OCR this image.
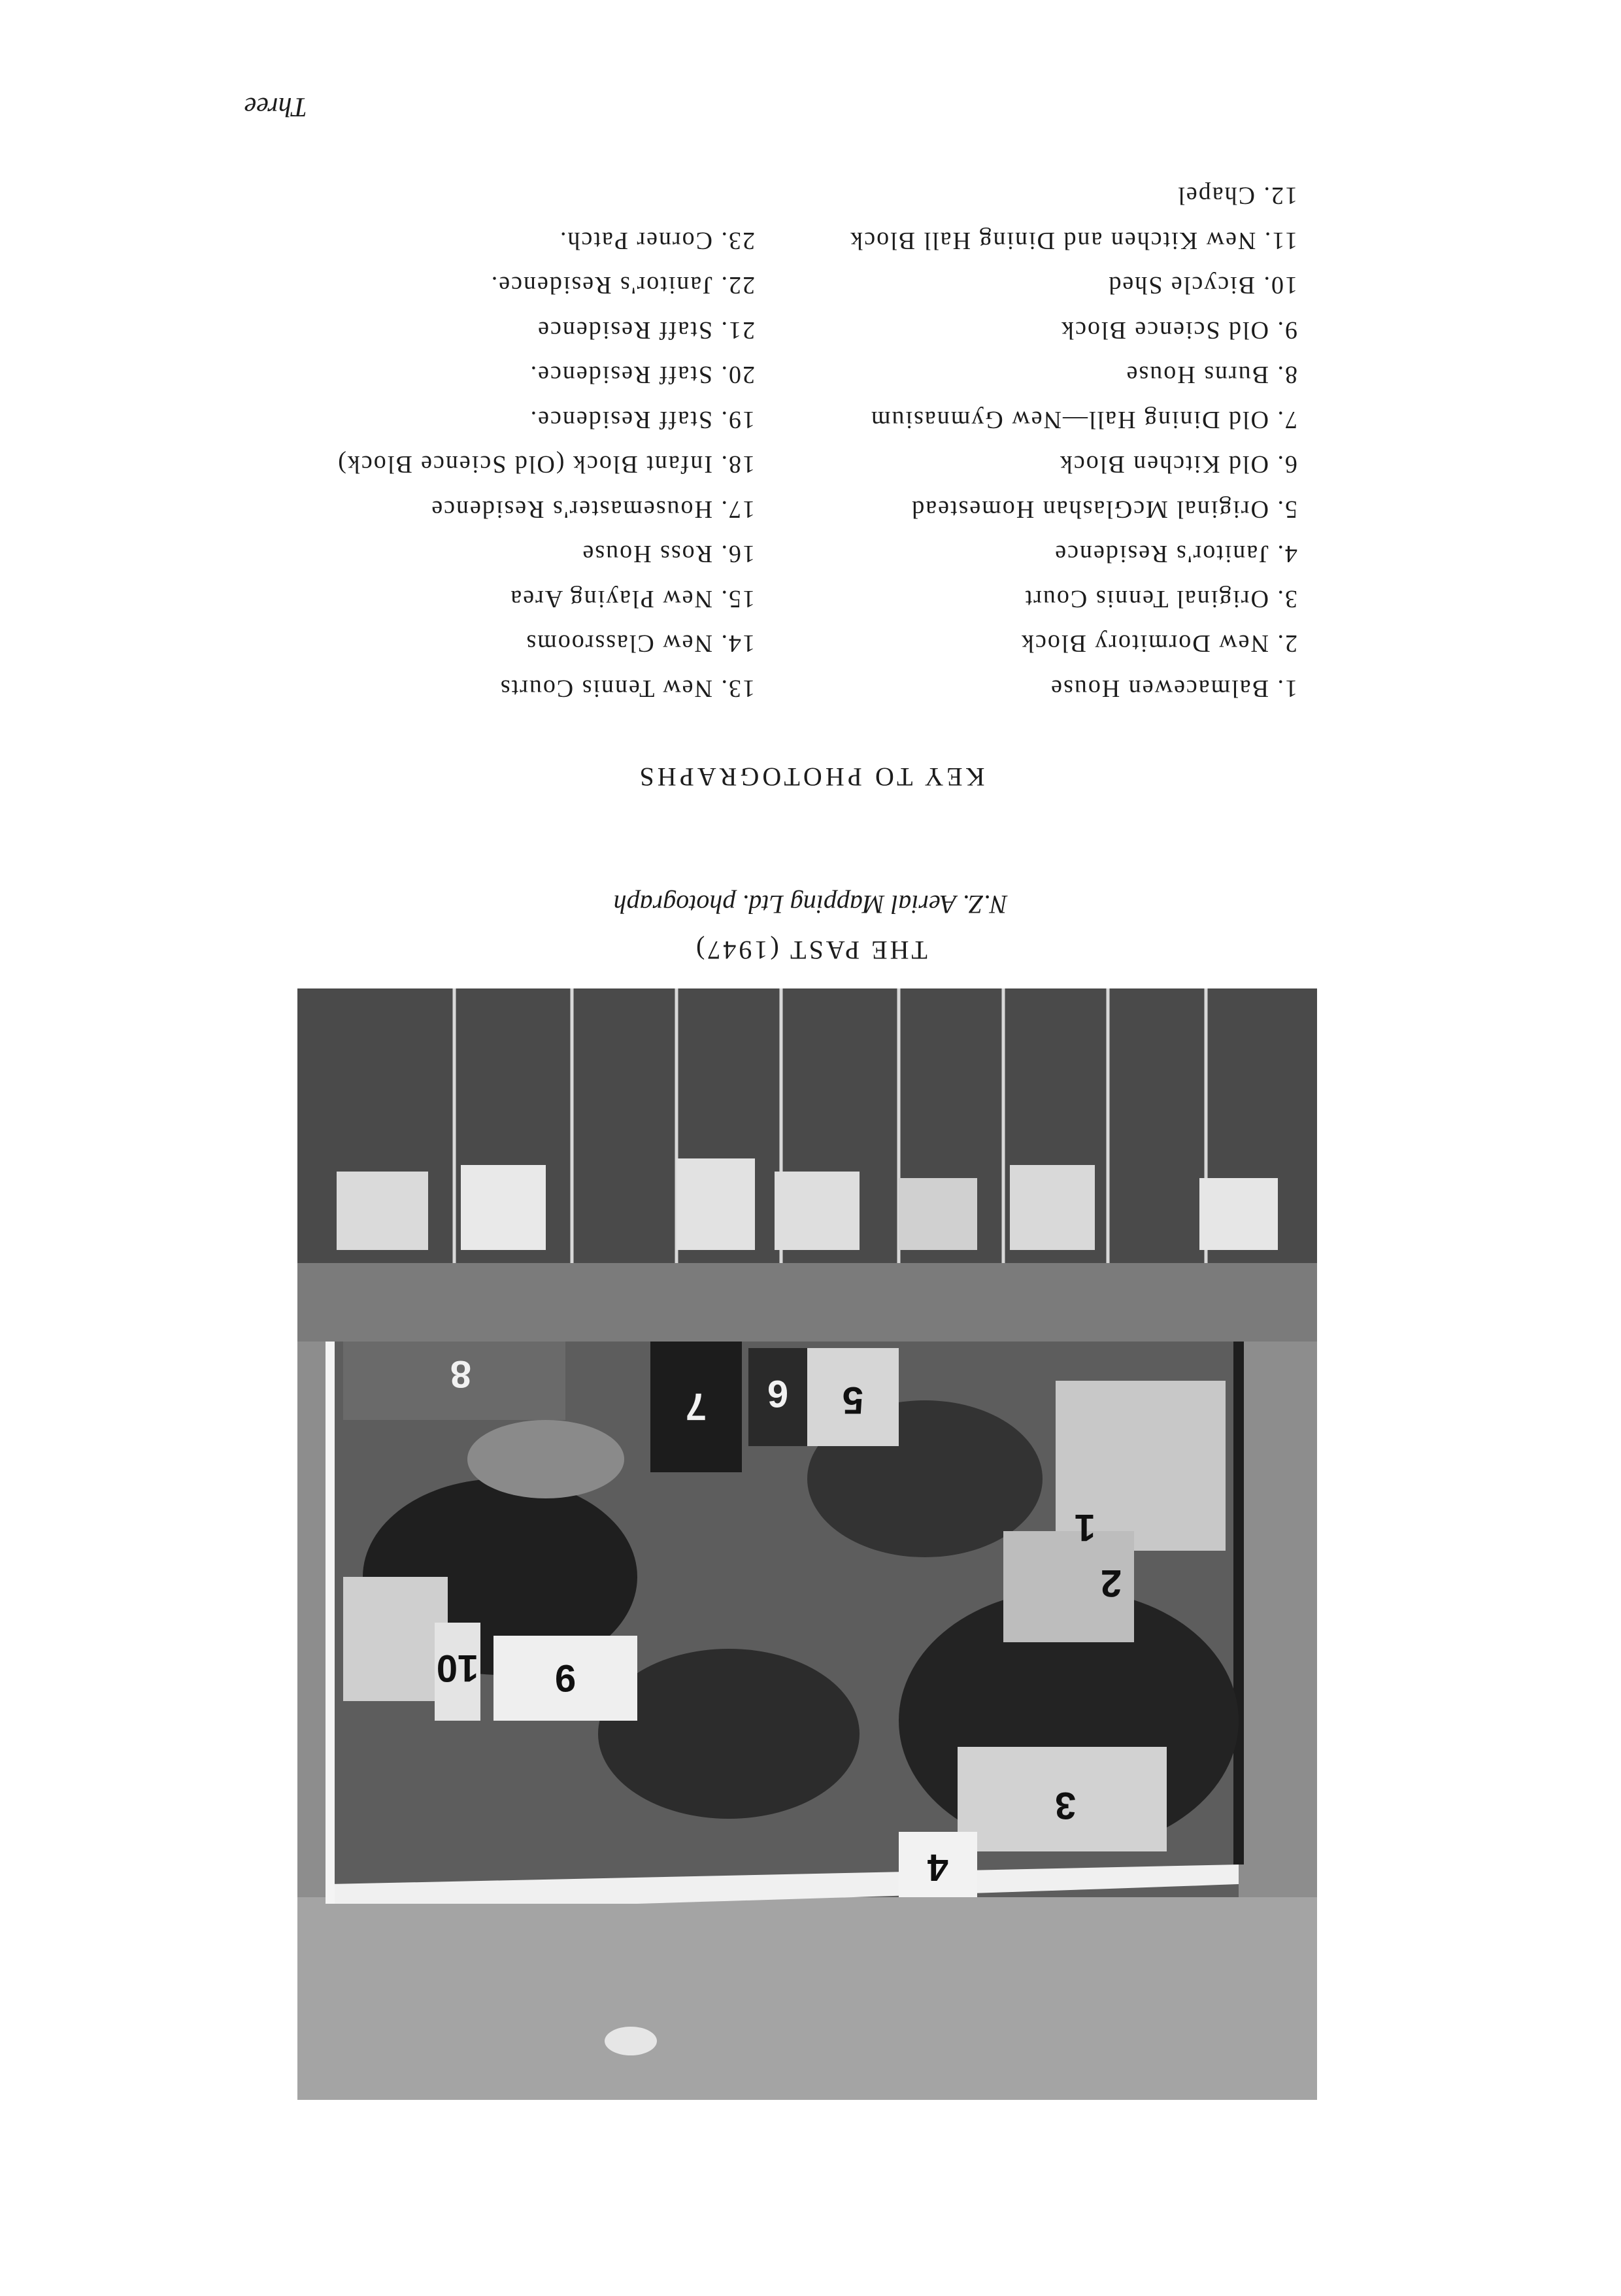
1
2
3
4
5
6
7
8
9
10
THE PAST (1947)
N.Z. Aerial Mapping Ltd. photograph
KEY TO PHOTOGRAPHS
1. Balmacewen House
2. New Dormitory Block
3. Original Tennis Court
4. Janitor's Residence
5. Original McGlashan Homestead
6. Old Kitchen Block
7. Old Dining Hall—New Gymnasium
8. Burns House
9. Old Science Block
10. Bicycle Shed
11. New Kitchen and Dining Hall Block
12. Chapel
13. New Tennis Courts
14. New Classrooms
15. New Playing Area
16. Ross House
17. Housemaster's Residence
18. Infant Block (Old Science Block)
19. Staff Residence.
20. Staff Residence.
21. Staff Residence
22. Janitor's Residence.
23. Corner Patch.
Three
